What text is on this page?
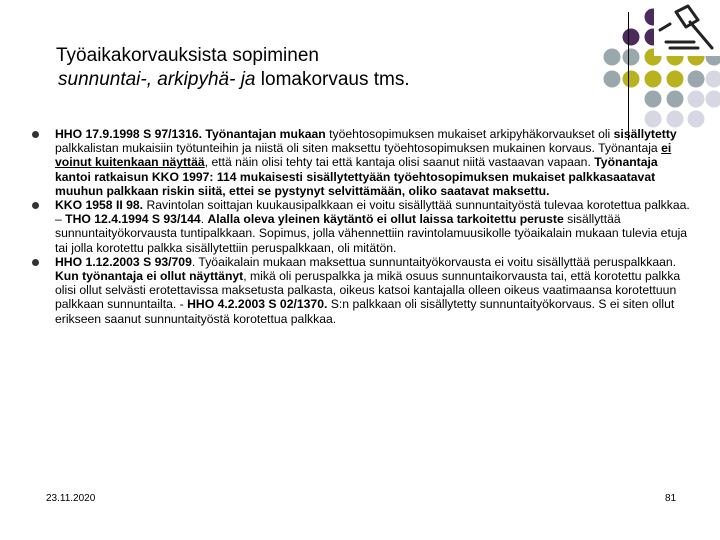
Työaikakorvauksista sopiminen
sunnuntai-, arkipyhä- ja lomakorvaus tms.
HHO 17.9.1998 S 97/1316. Työnantajan mukaan työehtosopimuksen mukaiset arkipyhäkorvaukset oli sisällytetty palkkalistan mukaisiin työtunteihin ja niistä oli siten maksettu työehtosopimuksen mukainen korvaus. Työnantaja ei voinut kuitenkaan näyttää, että näin olisi tehty tai että kantaja olisi saanut niitä vastaavan vapaan. Työnantaja kantoi ratkaisun KKO 1997: 114 mukaisesti sisällytettyään työehtosopimuksen mukaiset palkkasaatavat muuhun palkkaan riskin siitä, ettei se pystynyt selvittämään, oliko saatavat maksettu.
KKO 1958 II 98. Ravintolan soittajan kuukausipalkkaan ei voitu sisällyttää sunnuntaityöstä tulevaa korotettua palkkaa. – THO 12.4.1994 S 93/144. Alalla oleva yleinen käytäntö ei ollut laissa tarkoitettu peruste sisällyttää sunnuntaityökorvausta tuntipalkkaan. Sopimus, jolla vähennettiin ravintolamuusikolle työaikalain mukaan tulevia etuja tai jolla korotettu palkka sisällytettiin peruspalkkaan, oli mitätön.
HHO 1.12.2003 S 93/709. Työaikalain mukaan maksettua sunnuntaityökorvausta ei voitu sisällyttää peruspalkkaan. Kun työnantaja ei ollut näyttänyt, mikä oli peruspalkka ja mikä osuus sunnuntaikorvausta tai, että korotettu palkka olisi ollut selvästi erotettavissa maksetusta palkasta, oikeus katsoi kantajalla olleen oikeus vaatimaansa korotettuun palkkaan sunnuntailta. - HHO 4.2.2003 S 02/1370. S:n palkkaan oli sisällytetty sunnuntaityökorvaus. S ei siten ollut erikseen saanut sunnuntaityöstä korotettua palkkaa.
23.11.2020	81
